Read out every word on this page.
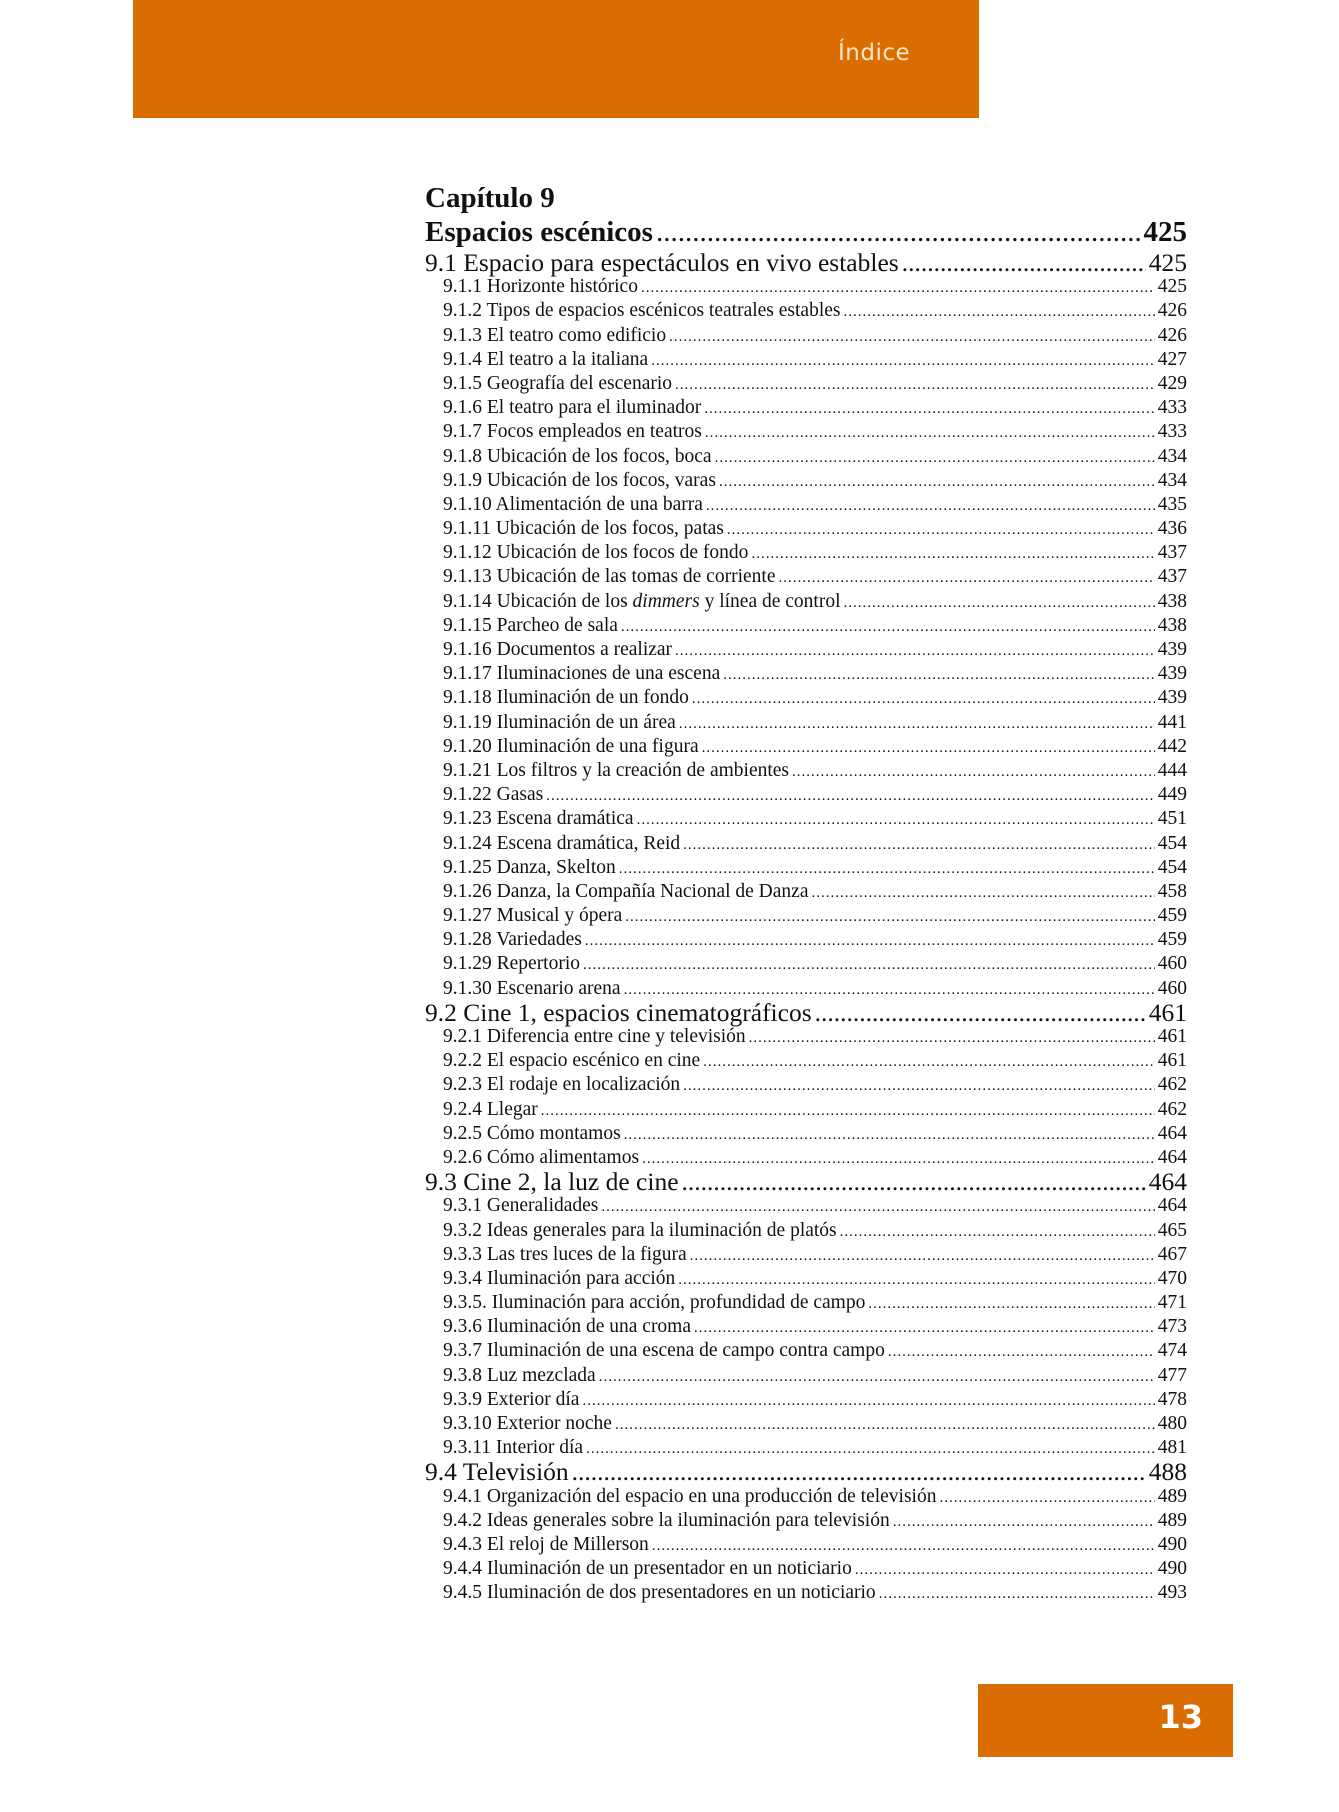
Índice
Capítulo 9
Espacios escénicos .....	425
9.1 Espacio para espectáculos en vivo estables .....	425
9.1.1 Horizonte histórico .....	425
9.1.2 Tipos de espacios escénicos teatrales estables .....	426
9.1.3 El teatro como edificio .....	426
9.1.4 El teatro a la italiana .....	427
9.1.5 Geografía del escenario .....	429
9.1.6 El teatro para el iluminador .....	433
9.1.7 Focos empleados en teatros .....	433
9.1.8 Ubicación de los focos, boca .....	434
9.1.9 Ubicación de los focos, varas .....	434
9.1.10 Alimentación de una barra .....	435
9.1.11 Ubicación de los focos, patas .....	436
9.1.12 Ubicación de los focos de fondo .....	437
9.1.13 Ubicación de las tomas de corriente .....	437
9.1.14 Ubicación de los dimmers y línea de control .....	438
9.1.15 Parcheo de sala .....	438
9.1.16 Documentos a realizar .....	439
9.1.17 Iluminaciones de una escena .....	439
9.1.18 Iluminación de un fondo .....	439
9.1.19 Iluminación de un área .....	441
9.1.20 Iluminación de una figura .....	442
9.1.21 Los filtros y la creación de ambientes .....	444
9.1.22 Gasas .....	449
9.1.23 Escena dramática .....	451
9.1.24 Escena dramática, Reid .....	454
9.1.25 Danza, Skelton .....	454
9.1.26 Danza, la Compañía Nacional de Danza .....	458
9.1.27 Musical y ópera .....	459
9.1.28 Variedades .....	459
9.1.29 Repertorio .....	460
9.1.30 Escenario arena .....	460
9.2 Cine 1, espacios cinematográficos .....	461
9.2.1 Diferencia entre cine y televisión .....	461
9.2.2 El espacio escénico en cine .....	461
9.2.3 El rodaje en localización .....	462
9.2.4 Llegar .....	462
9.2.5 Cómo montamos .....	464
9.2.6 Cómo alimentamos .....	464
9.3 Cine 2, la luz de cine .....	464
9.3.1 Generalidades .....	464
9.3.2 Ideas generales para la iluminación de platós .....	465
9.3.3 Las tres luces de la figura .....	467
9.3.4 Iluminación para acción .....	470
9.3.5. Iluminación para acción, profundidad de campo .....	471
9.3.6 Iluminación de una croma .....	473
9.3.7 Iluminación de una escena de campo contra campo .....	474
9.3.8 Luz mezclada .....	477
9.3.9 Exterior día .....	478
9.3.10 Exterior noche .....	480
9.3.11 Interior día .....	481
9.4 Televisión .....	488
9.4.1 Organización del espacio en una producción de televisión .....	489
9.4.2 Ideas generales sobre la iluminación para televisión .....	489
9.4.3 El reloj de Millerson .....	490
9.4.4 Iluminación de un presentador en un noticiario .....	490
9.4.5 Iluminación de dos presentadores en un noticiario .....	493
13
